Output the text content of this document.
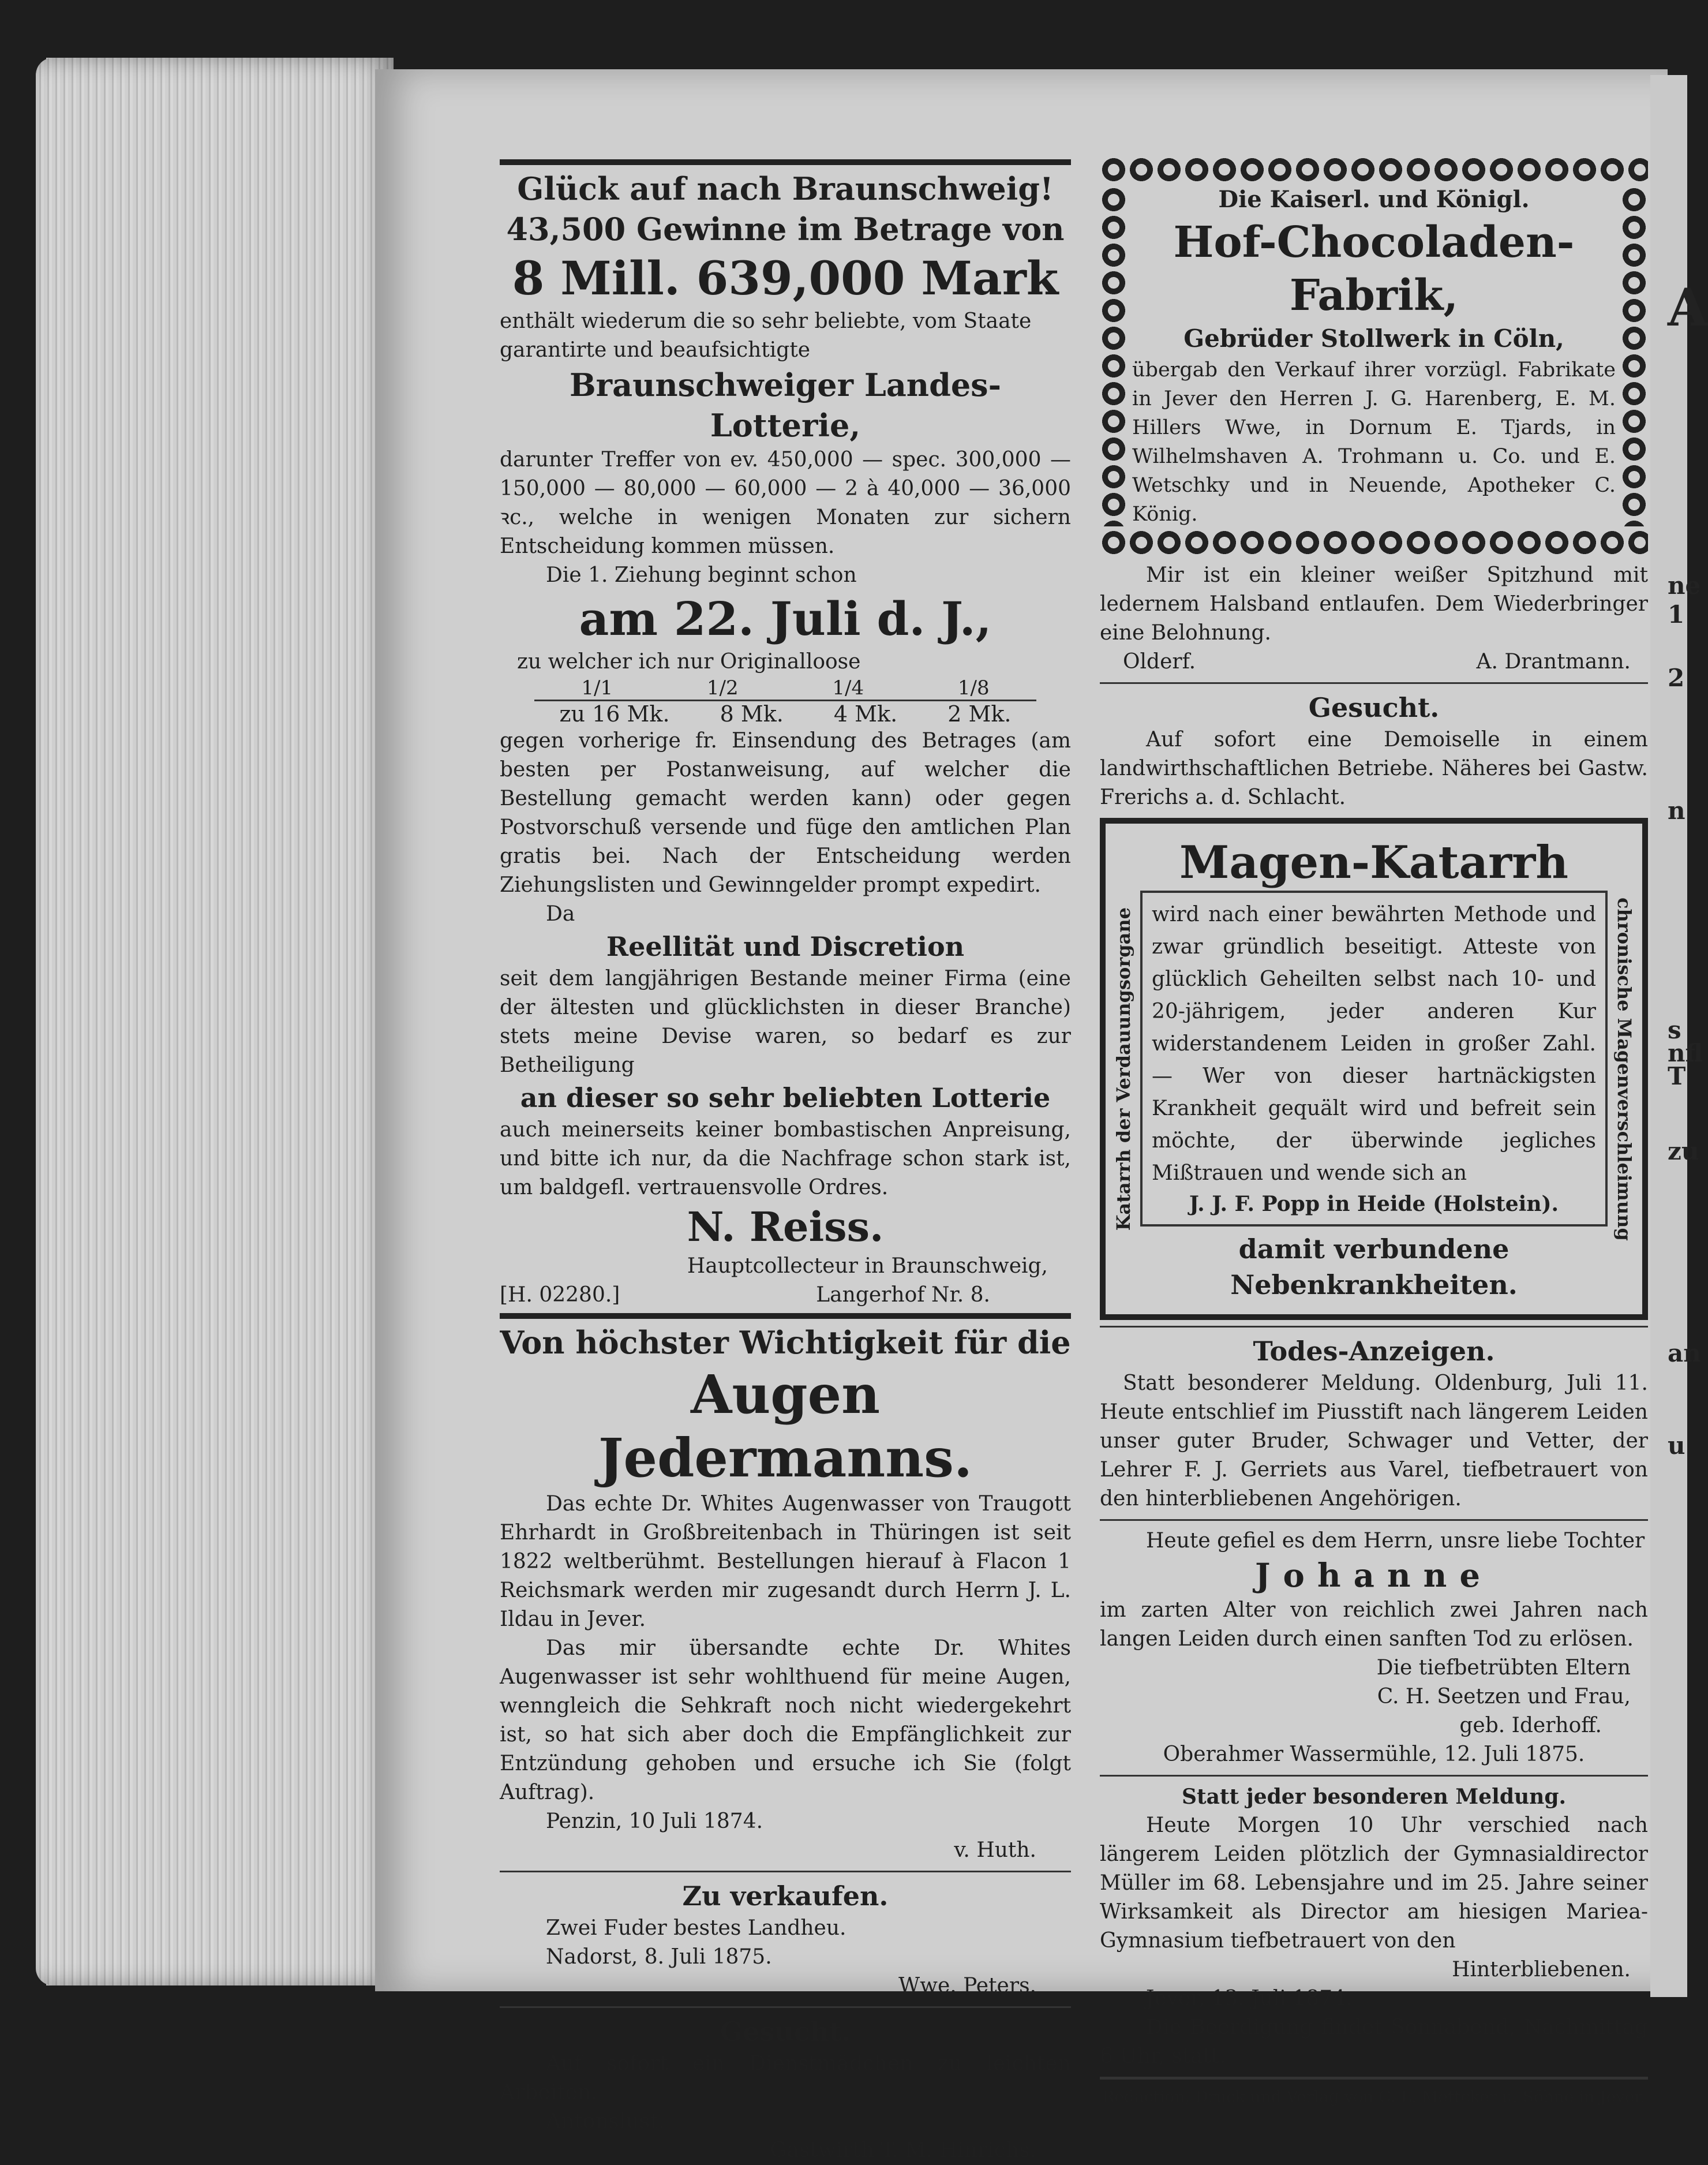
A
ne
1
2
n
s
nfl
T
zu
an
u

Glück auf nach Braunschweig!

43,500 Gewinne im Betrage von

8 Mill. 639,000 Mark

enthält wiederum die so sehr beliebte, vom Staate

garantirte und beaufsichtigte

Braunschweiger Landes-Lotterie,

darunter Treffer von ev. 450,000 — spec. 300,000 — 150,000 — 80,000 — 60,000 — 2 à 40,000 — 36,000 ꝛc., welche in wenigen Monaten zur sichern Entscheidung kommen müssen.

Die 1. Ziehung beginnt schon

am 22. Juli d. J.,

zu welcher ich nur Originalloose

1/1	1/2	1/4	1/8
zu 16 Mk. 8 Mk. 4 Mk. 2 Mk.

gegen vorherige fr. Einsendung des Betrages (am besten per Postanweisung, auf welcher die Bestellung gemacht werden kann) oder gegen Postvorschuß versende und füge den amtlichen Plan gratis bei. Nach der Entscheidung werden Ziehungslisten und Gewinngelder prompt expedirt.

Da

Reellität und Discretion

seit dem langjährigen Bestande meiner Firma (eine der ältesten und glücklichsten in dieser Branche) stets meine Devise waren, so bedarf es zur Betheiligung

an dieser so sehr beliebten Lotterie

auch meinerseits keiner bombastischen Anpreisung, und bitte ich nur, da die Nachfrage schon stark ist, um baldgefl. vertrauensvolle Ordres.

N. Reiss.

Hauptcollecteur in Braunschweig,

[H. 02280.]	Langerhof Nr. 8.

Von höchster Wichtigkeit für die

Augen Jedermanns.

Das echte Dr. Whites Augenwasser von Traugott Ehrhardt in Großbreitenbach in Thüringen ist seit 1822 weltberühmt. Bestellungen hierauf à Flacon 1 Reichsmark werden mir zugesandt durch Herrn J. L. Ildau in Jever.

Das mir übersandte echte Dr. Whites Augenwasser ist sehr wohlthuend für meine Augen, wenngleich die Sehkraft noch nicht wiedergekehrt ist, so hat sich aber doch die Empfänglichkeit zur Entzündung gehoben und ersuche ich Sie (folgt Auftrag).

Penzin, 10 Juli 1874.

v. Huth.

Zu verkaufen.

Zwei Fuder bestes Landheu.

Nadorst, 8. Juli 1875.

Wwe. Peters.

Gesucht.

Auf sofort ein Dienstmädchen zu leichten Arbeiten.

Antonslust.

Gastwirth T. M. Hinrichs.

Die Kaiserl. und Königl.

Hof-Chocoladen-Fabrik,

Gebrüder Stollwerk in Cöln,

übergab den Verkauf ihrer vorzügl. Fabrikate in Jever den Herren J. G. Harenberg, E. M. Hillers Wwe, in Dornum E. Tjards, in Wilhelmshaven A. Trohmann u. Co. und E. Wetschky und in Neuende, Apotheker C. König.

Mir ist ein kleiner weißer Spitzhund mit ledernem Halsband entlaufen. Dem Wiederbringer eine Belohnung.

Olderf.	A. Drantmann.

Gesucht.

Auf sofort eine Demoiselle in einem landwirthschaftlichen Betriebe. Näheres bei Gastw. Frerichs a. d. Schlacht.

Katarrh der Verdauungsorgane	chronische Magenverschleimung

Magen-Katarrh

wird nach einer bewährten Methode und zwar gründlich beseitigt. Atteste von glücklich Geheilten selbst nach 10- und 20-jährigem, jeder anderen Kur widerstandenem Leiden in großer Zahl. — Wer von dieser hartnäckigsten Krankheit gequält wird und befreit sein möchte, der überwinde jegliches Mißtrauen und wende sich an

J. J. F. Popp in Heide (Holstein).

damit verbundene Nebenkrankheiten.

Todes-Anzeigen.

Statt besonderer Meldung. Oldenburg, Juli 11. Heute entschlief im Piusstift nach längerem Leiden unser guter Bruder, Schwager und Vetter, der Lehrer F. J. Gerriets aus Varel, tiefbetrauert von den hinterbliebenen Angehörigen.

Heute gefiel es dem Herrn, unsre liebe Tochter

Johanne

im zarten Alter von reichlich zwei Jahren nach langen Leiden durch einen sanften Tod zu erlösen.

Die tiefbetrübten Eltern

C. H. Seetzen und Frau,

geb. Iderhoff.

Oberahmer Wassermühle, 12. Juli 1875.

Statt jeder besonderen Meldung.

Heute Morgen 10 Uhr verschied nach längerem Leiden plötzlich der Gymnasialdirector Müller im 68. Lebensjahre und im 25. Jahre seiner Wirksamkeit als Director am hiesigen Mariea-Gymnasium tiefbetrauert von den

Hinterbliebenen.

Jever, 13. Juli 1874.

Die Beerdigung findet Sonnabend, Nachmittag 6 Uhr, statt.

Redaction, Druck und Verlag von C. L. Mettcker u. Söhne in Jever.
